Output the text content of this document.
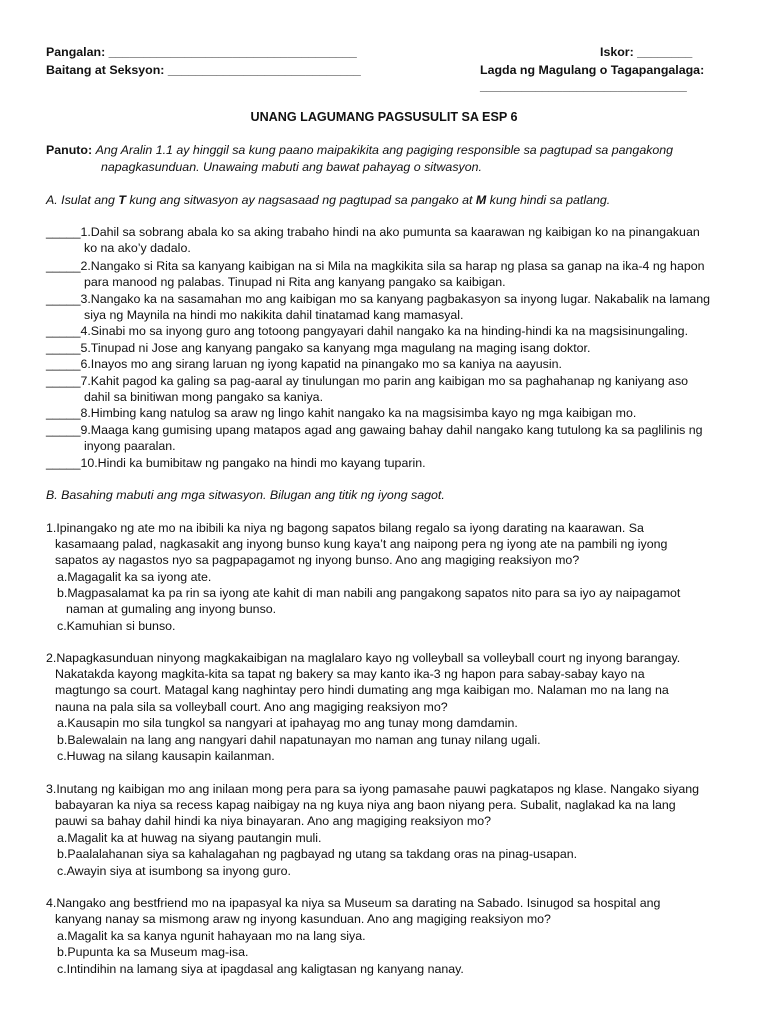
Pangalan: ____________________________________	Iskor: ________
Baitang at Seksyon: ____________________________	Lagda ng Magulang o Tagapangalaga:
______________________________
UNANG LAGUMANG PAGSUSULIT SA ESP 6
Panuto: Ang Aralin 1.1 ay hinggil sa kung paano maipakikita ang pagiging responsible sa pagtupad sa pangakong
napagkasunduan. Unawaing mabuti ang bawat pahayag o sitwasyon.
A. Isulat ang T kung ang sitwasyon ay nagsasaad ng pagtupad sa pangako at M kung hindi sa patlang.
_____1.Dahil sa sobrang abala ko sa aking trabaho hindi na ako pumunta sa kaarawan ng kaibigan ko na pinangakuan
ko na ako’y dadalo.
_____2.Nangako si Rita sa kanyang kaibigan na si Mila na magkikita sila sa harap ng plasa sa ganap na ika-4 ng hapon
para manood ng palabas. Tinupad ni Rita ang kanyang pangako sa kaibigan.
_____3.Nangako ka na sasamahan mo ang kaibigan mo sa kanyang pagbakasyon sa inyong lugar. Nakabalik na lamang
siya ng Maynila na hindi mo nakikita dahil tinatamad kang mamasyal.
_____4.Sinabi mo sa inyong guro ang totoong pangyayari dahil nangako ka na hinding-hindi ka na magsisinungaling.
_____5.Tinupad ni Jose ang kanyang pangako sa kanyang mga magulang na maging isang doktor.
_____6.Inayos mo ang sirang laruan ng iyong kapatid na pinangako mo sa kaniya na aayusin.
_____7.Kahit pagod ka galing sa pag-aaral ay tinulungan mo parin ang kaibigan mo sa paghahanap ng kaniyang aso
dahil sa binitiwan mong pangako sa kaniya.
_____8.Himbing kang natulog sa araw ng lingo kahit nangako ka na magsisimba kayo ng mga kaibigan mo.
_____9.Maaga kang gumising upang matapos agad ang gawaing bahay dahil nangako kang tutulong ka sa paglilinis ng
inyong paaralan.
_____10.Hindi ka bumibitaw ng pangako na hindi mo kayang tuparin.
B. Basahing mabuti ang mga sitwasyon. Bilugan ang titik ng iyong sagot.
1.Ipinangako ng ate mo na ibibili ka niya ng bagong sapatos bilang regalo sa iyong darating na kaarawan. Sa
kasamaang palad, nagkasakit ang inyong bunso kung kaya’t ang naipong pera ng iyong ate na pambili ng iyong
sapatos ay nagastos nyo sa pagpapagamot ng inyong bunso. Ano ang magiging reaksiyon mo?
a.Magagalit ka sa iyong ate.
b.Magpasalamat ka pa rin sa iyong ate kahit di man nabili ang pangakong sapatos nito para sa iyo ay naipagamot
naman at gumaling ang inyong bunso.
c.Kamuhian si bunso.
2.Napagkasunduan ninyong magkakaibigan na maglalaro kayo ng volleyball sa volleyball court ng inyong barangay.
Nakatakda kayong magkita-kita sa tapat ng bakery sa may kanto ika-3 ng hapon para sabay-sabay kayo na
magtungo sa court. Matagal kang naghintay pero hindi dumating ang mga kaibigan mo. Nalaman mo na lang na
nauna na pala sila sa volleyball court. Ano ang magiging reaksiyon mo?
a.Kausapin mo sila tungkol sa nangyari at ipahayag mo ang tunay mong damdamin.
b.Balewalain na lang ang nangyari dahil napatunayan mo naman ang tunay nilang ugali.
c.Huwag na silang kausapin kailanman.
3.Inutang ng kaibigan mo ang inilaan mong pera para sa iyong pamasahe pauwi pagkatapos ng klase. Nangako siyang
babayaran ka niya sa recess kapag naibigay na ng kuya niya ang baon niyang pera. Subalit, naglakad ka na lang
pauwi sa bahay dahil hindi ka niya binayaran. Ano ang magiging reaksiyon mo?
a.Magalit ka at huwag na siyang pautangin muli.
b.Paalalahanan siya sa kahalagahan ng pagbayad ng utang sa takdang oras na pinag-usapan.
c.Awayin siya at isumbong sa inyong guro.
4.Nangako ang bestfriend mo na ipapasyal ka niya sa Museum sa darating na Sabado. Isinugod sa hospital ang
kanyang nanay sa mismong araw ng inyong kasunduan. Ano ang magiging reaksiyon mo?
a.Magalit ka sa kanya ngunit hahayaan mo na lang siya.
b.Pupunta ka sa Museum mag-isa.
c.Intindihin na lamang siya at ipagdasal ang kaligtasan ng kanyang nanay.
